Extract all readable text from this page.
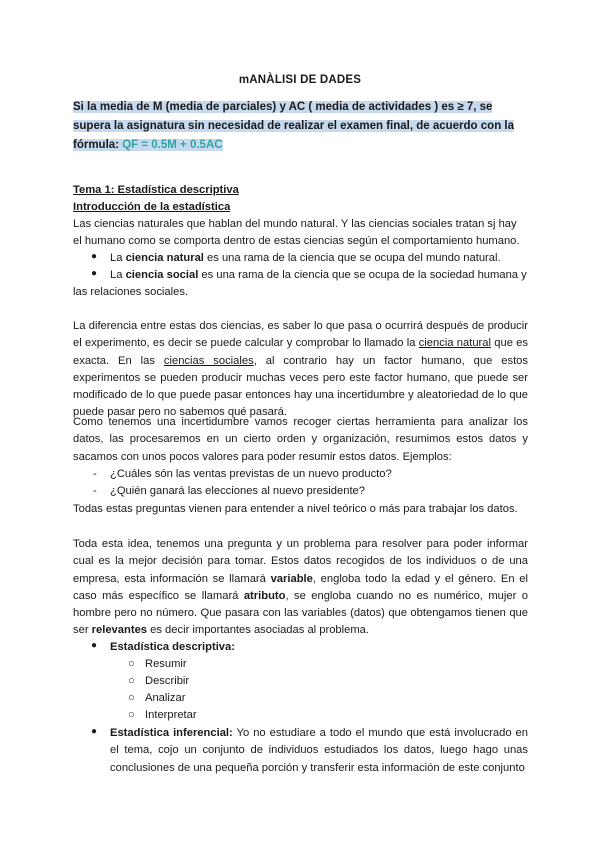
mANÀLISI DE DADES
Si la media de M (media de parciales) y AC ( media de actividades ) es ≥ 7, se supera la asignatura sin necesidad de realizar el examen final, de acuerdo con la fórmula: QF = 0.5M + 0.5AC
Tema 1: Estadística descriptiva
Introducción de la estadística
Las ciencias naturales que hablan del mundo natural. Y las ciencias sociales tratan sj hay el humano como se comporta dentro de estas ciencias según el comportamiento humano.
● La ciencia natural es una rama de la ciencia que se ocupa del mundo natural.
● La ciencia social es una rama de la ciencia que se ocupa de la sociedad humana y
las relaciones sociales.
La diferencia entre estas dos ciencias, es saber lo que pasa o ocurrirá después de producir el experimento, es decir se puede calcular y comprobar lo llamado la ciencia natural que es exacta. En las ciencias sociales, al contrario hay un factor humano, que estos experimentos se pueden producir muchas veces pero este factor humano, que puede ser modificado de lo que puede pasar entonces hay una incertidumbre y aleatoriedad de lo que puede pasar pero no sabemos qué pasará.
Como tenemos una incertidumbre vamos recoger ciertas herramienta para analizar los datos, las procesaremos en un cierto orden y organización, resumimos estos datos y sacamos con unos pocos valores para poder resumir estos datos. Ejemplos:
- ¿Cuáles són las ventas previstas de un nuevo producto?
- ¿Quién ganará las elecciones al nuevo presidente?
Todas estas preguntas vienen para entender a nivel teórico o más para trabajar los datos.
Toda esta idea, tenemos una pregunta y un problema para resolver para poder informar cual es la mejor decisión para tomar. Estos datos recogidos de los individuos o de una empresa, esta información se llamará variable, engloba todo la edad y el género. En el caso más específico se llamará atributo, se engloba cuando no es numérico, mujer o hombre pero no número. Que pasara con las variables (datos) que obtengamos tienen que ser relevantes es decir importantes asociadas al problema.
● Estadística descriptiva:
○ Resumir
○ Describir
○ Analizar
○ Interpretar
● Estadística inferencial: Yo no estudiare a todo el mundo que está involucrado en el tema, cojo un conjunto de individuos estudiados los datos, luego hago unas conclusiones de una pequeña porción y transferir esta información de este conjunto
